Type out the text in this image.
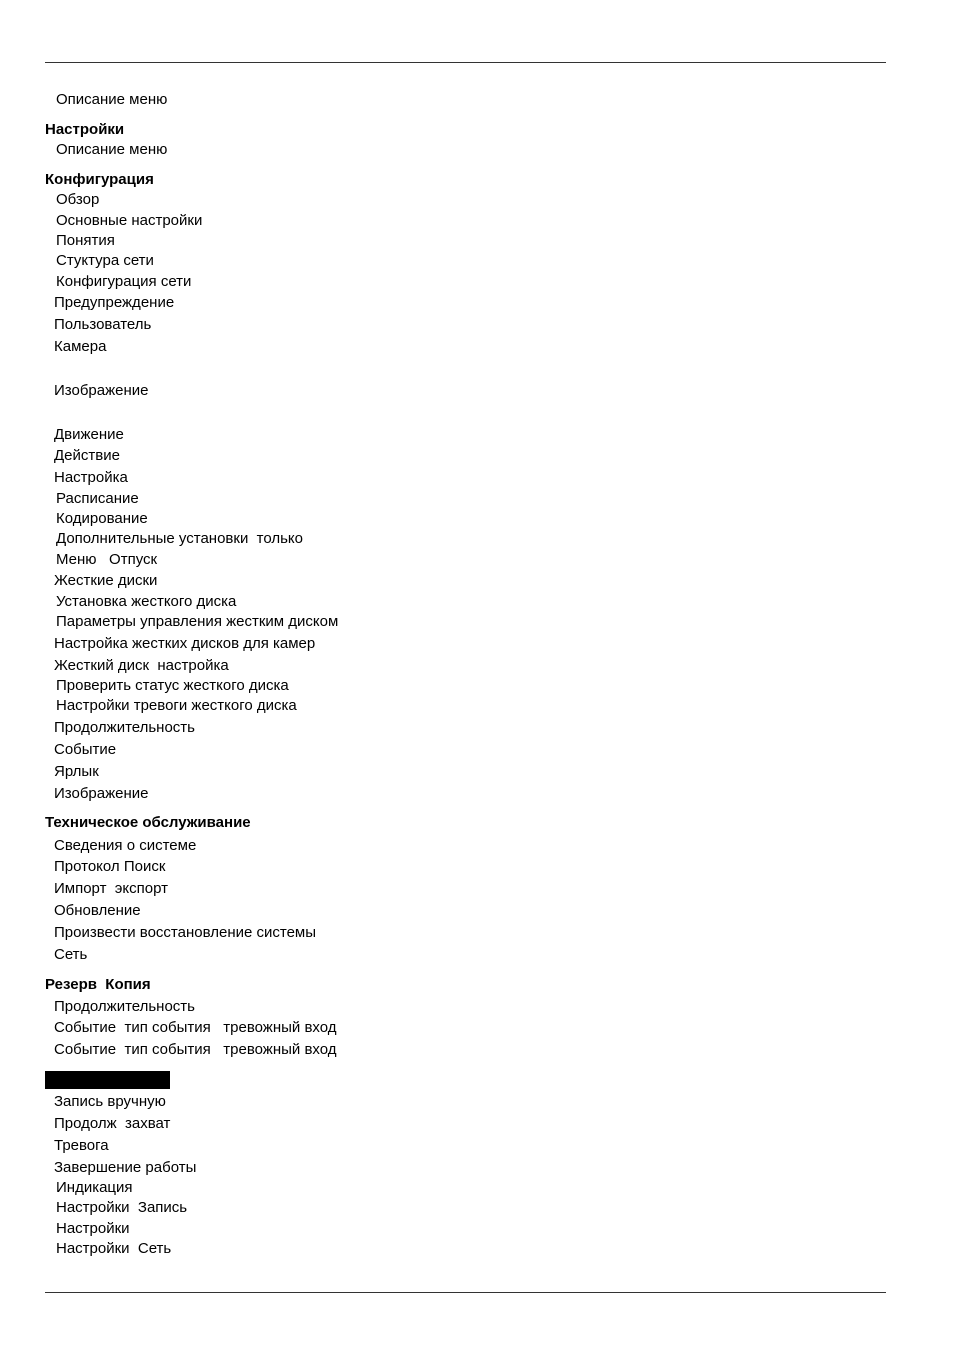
Описание меню
Настройки
Описание меню
Конфигурация
Обзор
Основные настройки
Понятия
Стуктура сети
Конфигурация сети
Предупреждение
Пользователь
Камера
Изображение
Движение
Действие
Настройка
Расписание
Кодирование
Дополнительные установки  только
Меню   Отпуск
Жесткие диски
Установка жесткого диска
Параметры управления жестким диском
Настройка жестких дисков для камер
Жесткий диск  настройка
Проверить статус жесткого диска
Настройки тревоги жесткого диска
Продолжительность
Событие
Ярлык
Изображение
Техническое обслуживание
Сведения о системе
Протокол Поиск
Импорт  экспорт
Обновление
Произвести восстановление системы
Сеть
Резерв  Копия
Продолжительность
Событие  тип события   тревожный вход
Событие  тип события   тревожный вход
Запись вручную
Продолж  захват
Тревога
Завершение работы
Индикация
Настройки  Запись
Настройки
Настройки  Сеть
